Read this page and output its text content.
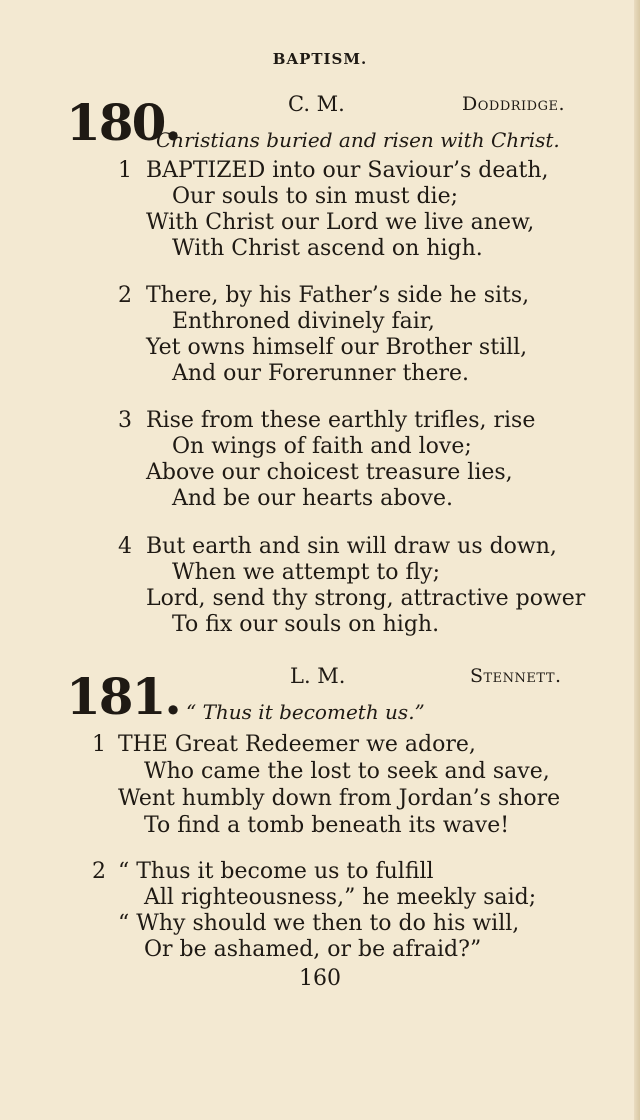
BAPTISM.
180.	C. M.	Doddridge.
Christians buried and risen with Christ.
1 BAPTIZED into our Saviour’s death,
Our souls to sin must die;
With Christ our Lord we live anew,
With Christ ascend on high.
2 There, by his Father’s side he sits,
Enthroned divinely fair,
Yet owns himself our Brother still,
And our Forerunner there.
3 Rise from these earthly trifles, rise
On wings of faith and love;
Above our choicest treasure lies,
And be our hearts above.
4 But earth and sin will draw us down,
When we attempt to fly;
Lord, send thy strong, attractive power
To fix our souls on high.
181.	L. M.	Stennett.
“ Thus it becometh us.”
1 THE Great Redeemer we adore,
Who came the lost to seek and save,
Went humbly down from Jordan’s shore
To find a tomb beneath its wave!
2 “ Thus it become us to fulfill
All righteousness,” he meekly said;
“ Why should we then to do his will,
Or be ashamed, or be afraid?”
160
